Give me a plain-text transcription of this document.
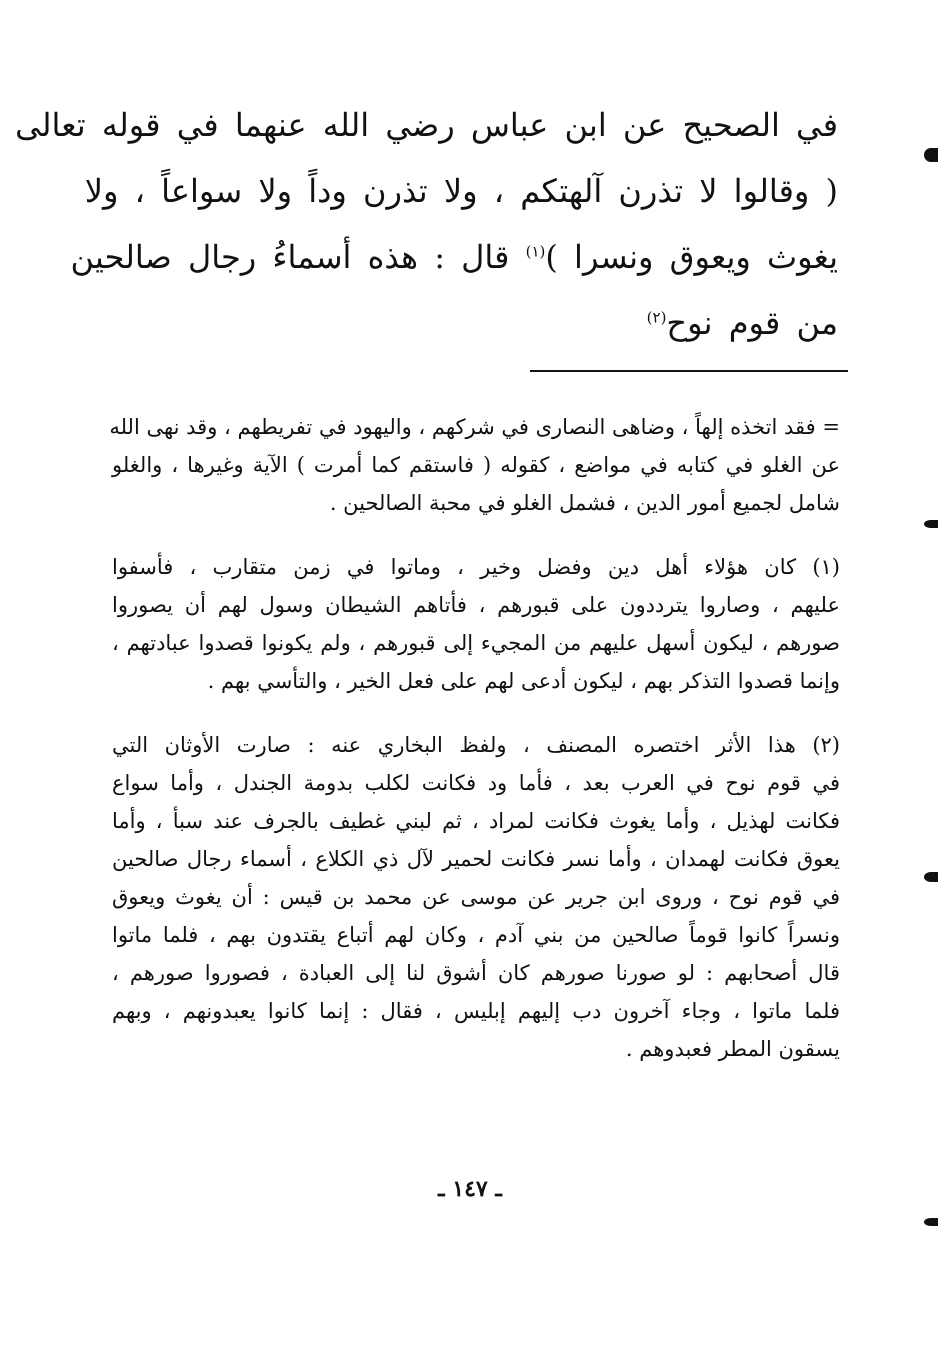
في الصحيح عن ابن عباس رضي الله عنهما في قوله تعالى
( وقالوا لا تذرن آلهتكم ، ولا تذرن وداً ولا سواعاً ، ولا
يغوث ويعوق ونسرا )$^{(١)}$ قال : هذه أسماءُ رجال صالحين
من قوم نوح$^{(٢)}$
= فقد اتخذه إلهاً ، وضاهى النصارى في شركهم ، واليهود في تفريطهم ، وقد نهى الله
عن الغلو في كتابه في مواضع ، كقوله ( فاستقم كما أمرت ) الآية وغيرها ، والغلو
شامل لجميع أمور الدين ، فشمل الغلو في محبة الصالحين .
(١) كان هؤلاء أهل دين وفضل وخير ، وماتوا في زمن متقارب ، فأسفوا
عليهم ، وصاروا يترددون على قبورهم ، فأتاهم الشيطان وسول لهم أن يصوروا
صورهم ، ليكون أسهل عليهم من المجيء إلى قبورهم ، ولم يكونوا قصدوا عبادتهم ،
وإنما قصدوا التذكر بهم ، ليكون أدعى لهم على فعل الخير ، والتأسي بهم .
(٢) هذا الأثر اختصره المصنف ، ولفظ البخاري عنه : صارت الأوثان التي
في قوم نوح في العرب بعد ، فأما ود فكانت لكلب بدومة الجندل ، وأما سواع
فكانت لهذيل ، وأما يغوث فكانت لمراد ، ثم لبني غطيف بالجرف عند سبأ ، وأما
يعوق فكانت لهمدان ، وأما نسر فكانت لحمير لآل ذي الكلاع ، أسماء رجال صالحين
في قوم نوح ، وروى ابن جرير عن موسى عن محمد بن قيس : أن يغوث ويعوق
ونسراً كانوا قوماً صالحين من بني آدم ، وكان لهم أتباع يقتدون بهم ، فلما ماتوا
قال أصحابهم : لو صورنا صورهم كان أشوق لنا إلى العبادة ، فصوروا صورهم ،
فلما ماتوا ، وجاء آخرون دب إليهم إبليس ، فقال : إنما كانوا يعبدونهم ، وبهم
يسقون المطر فعبدوهم .
ـ ١٤٧ ـ
